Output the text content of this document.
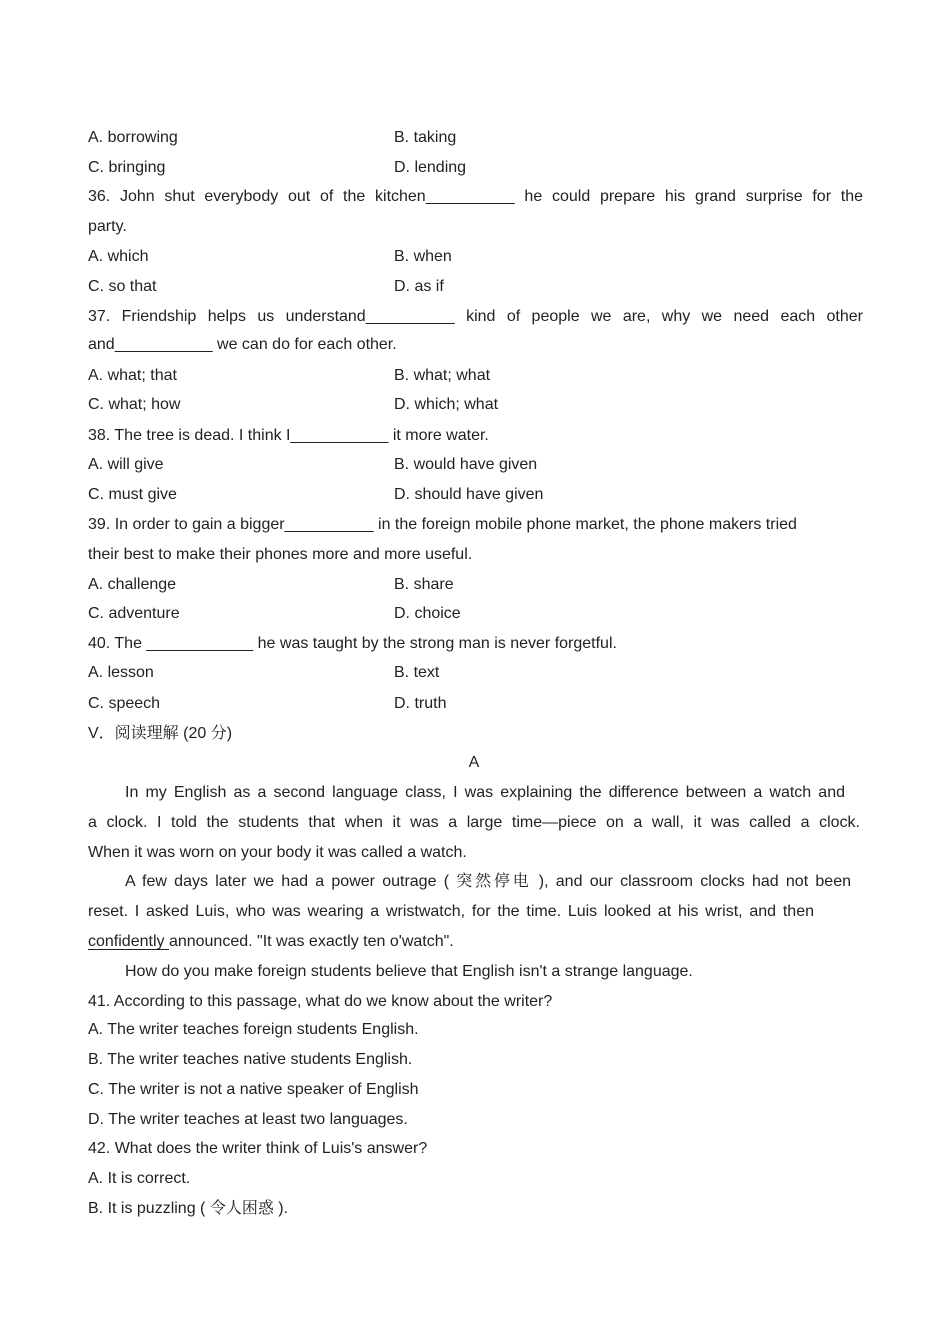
A. borrowing	B. taking
C. bringing	D. lending
36. John shut everybody out of the kitchen__________ he could prepare his grand surprise for the
party.
A. which	B. when
C. so that	D. as if
37. Friendship helps us understand__________ kind of people we are, why we need each other
and___________ we can do for each other.
A. what; that	B. what; what
C. what; how	D. which; what
38. The tree is dead. I think I___________ it more water.
A. will give	B. would have given
C. must give	D. should have given
39. In order to gain a bigger__________ in the foreign mobile phone market, the phone makers tried
their best to make their phones more and more useful.
A. challenge	B. share
C. adventure	D. choice
40. The ____________ he was taught by the strong man is never forgetful.
A. lesson	B. text
C. speech	D. truth
V．阅读理解 (20 分)
A
In my English as a second language class, I was explaining the difference between a watch and
a clock. I told the students that when it was a large time—piece on a wall, it was called a clock.
When it was worn on your body it was called a watch.
A few days later we had a power outrage ( 突然停电 ), and our classroom clocks had not been
reset. I asked Luis, who was wearing a wristwatch, for the time. Luis looked at his wrist, and then
confidently announced. "It was exactly ten o'watch".
How do you make foreign students believe that English isn't a strange language.
41. According to this passage, what do we know about the writer?
A. The writer teaches foreign students English.
B. The writer teaches native students English.
C. The writer is not a native speaker of English
D. The writer teaches at least two languages.
42. What does the writer think of Luis's answer?
A. It is correct.
B. It is puzzling ( 令人困惑 ).
